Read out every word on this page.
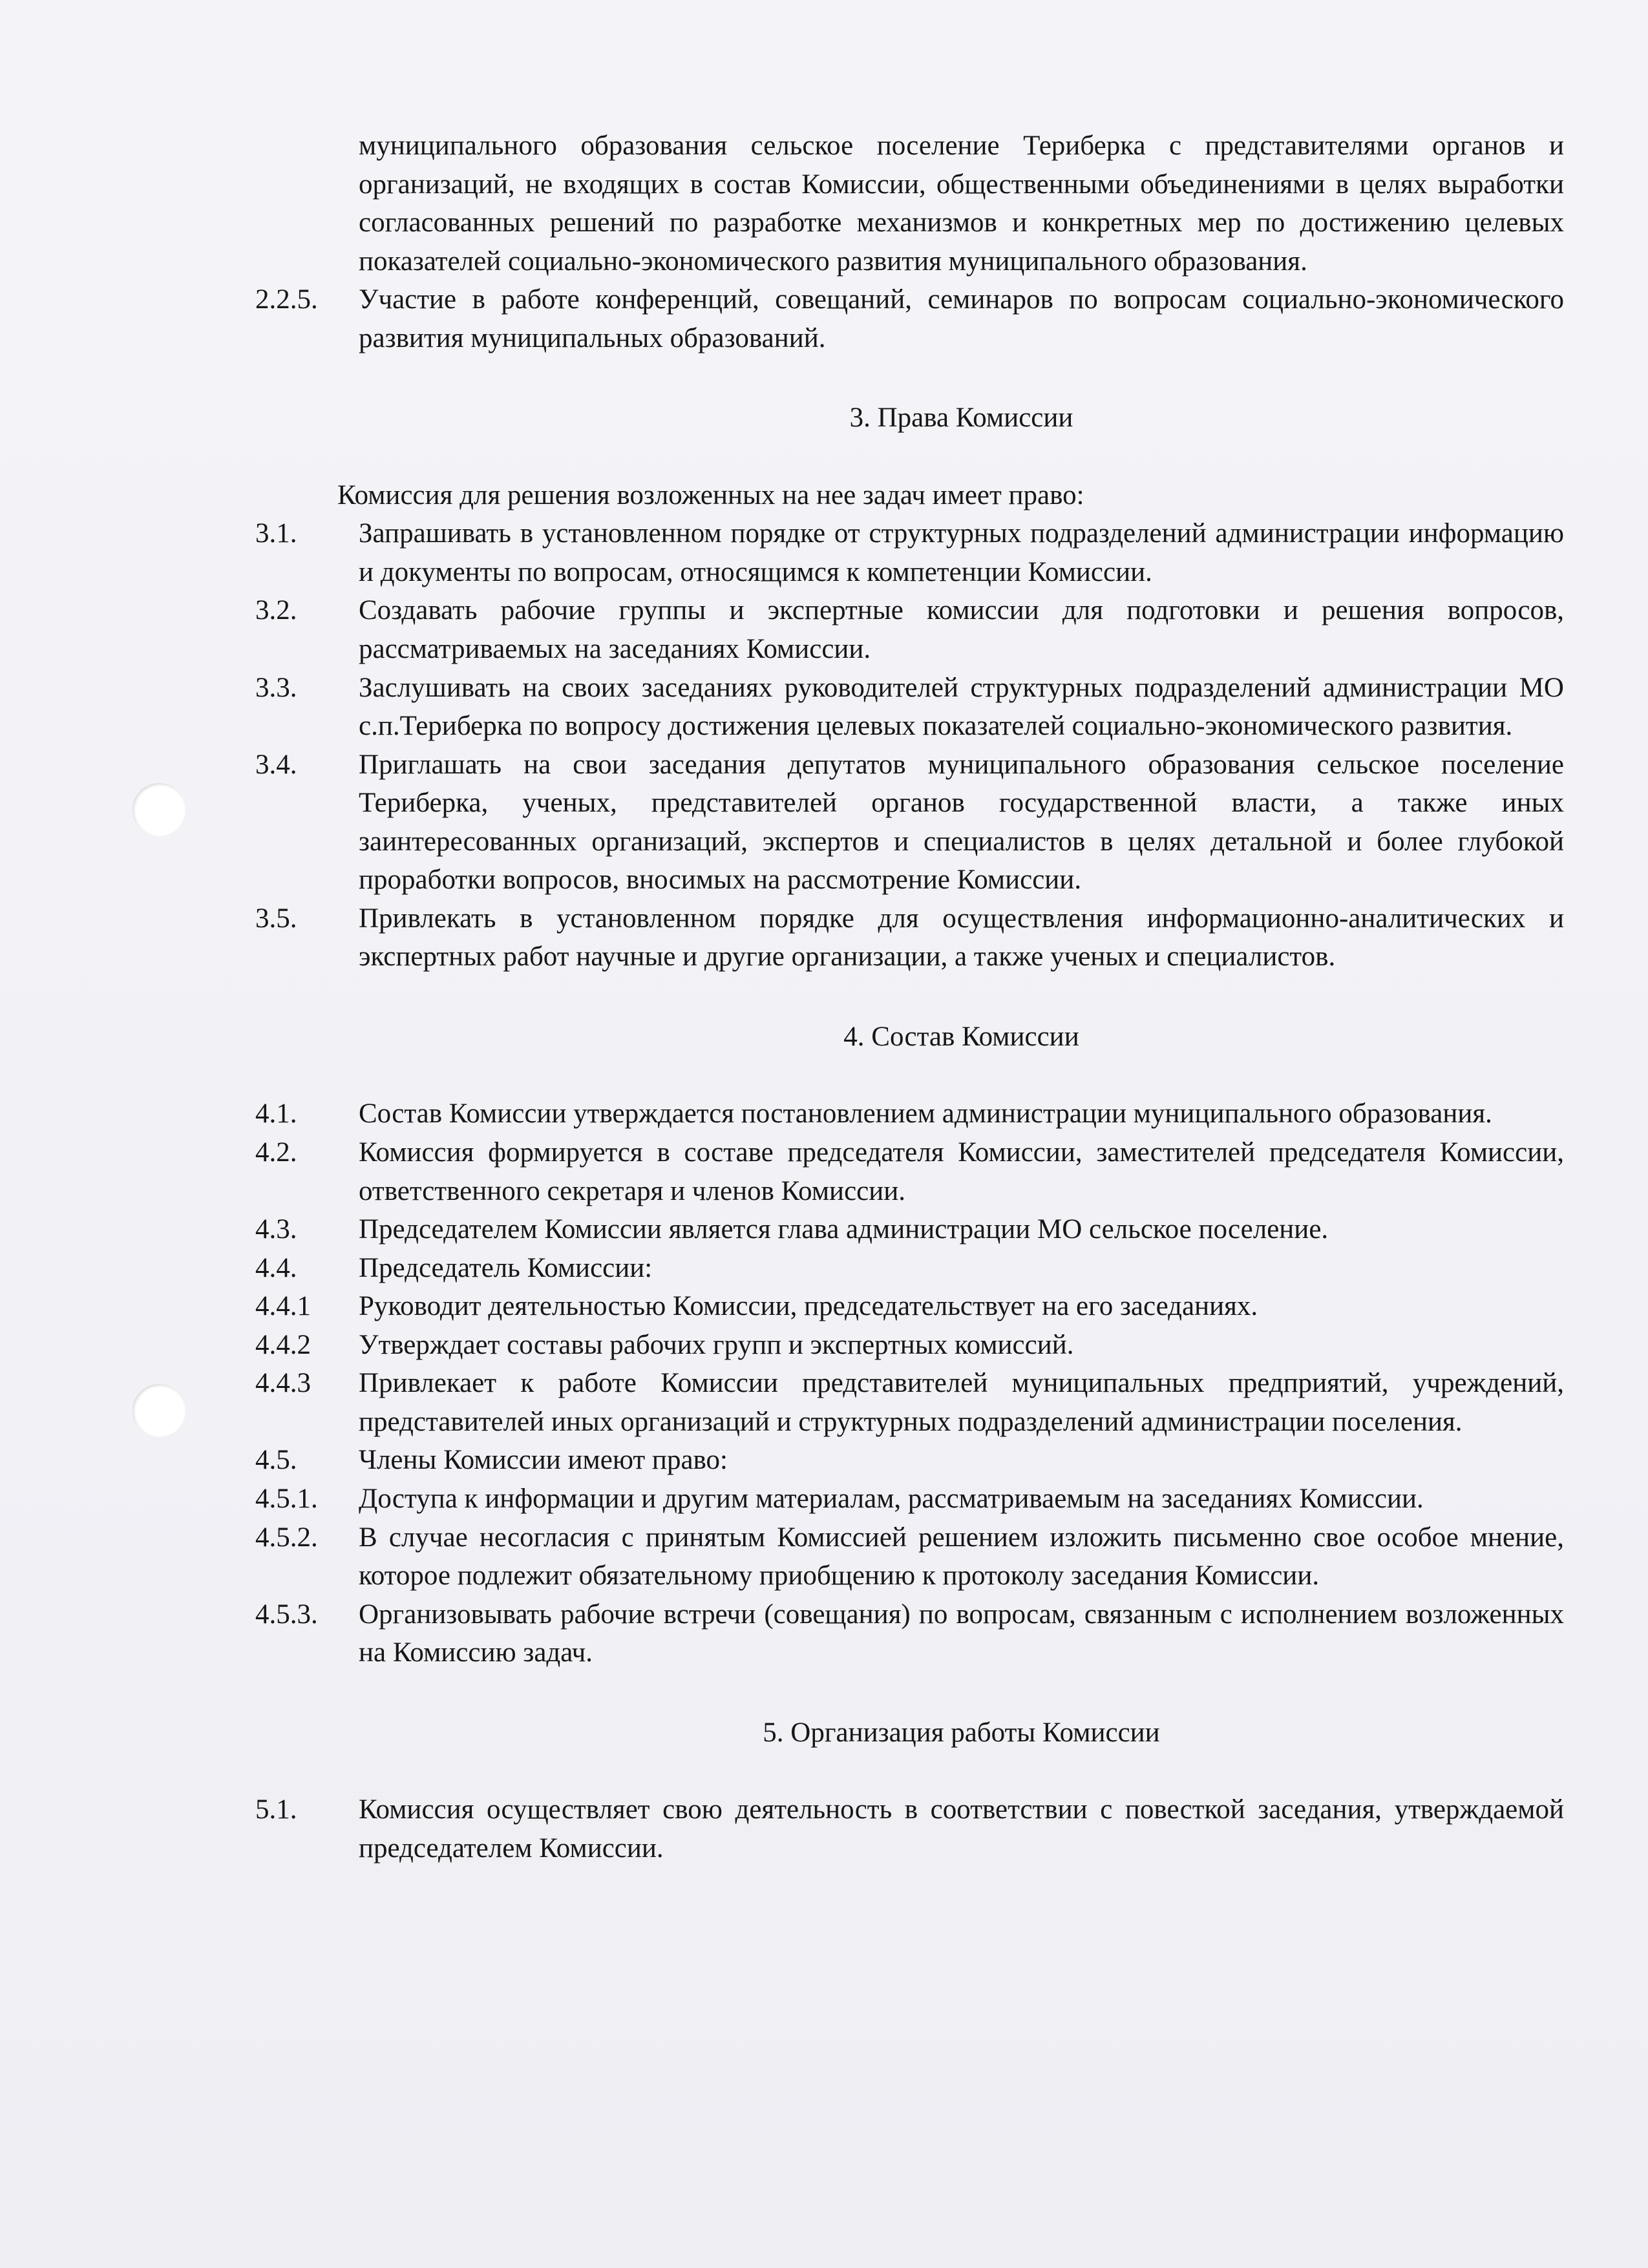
муниципального образования сельское поселение Териберка с представителями органов и организаций, не входящих в состав Комиссии, общественными объединениями в целях выработки согласованных решений по разработке механизмов и конкретных мер по достижению целевых показателей социально-экономического развития муниципального образования.
2.2.5.	Участие в работе конференций, совещаний, семинаров по вопросам социально-экономического развития муниципальных образований.
3. Права Комиссии
Комиссия для решения возложенных на нее задач имеет право:
3.1.	Запрашивать в установленном порядке от структурных подразделений администрации информацию и документы по вопросам, относящимся к компетенции Комиссии.
3.2.	Создавать рабочие группы и экспертные комиссии для подготовки и решения вопросов, рассматриваемых на заседаниях Комиссии.
3.3.	Заслушивать на своих заседаниях руководителей структурных подразделений администрации МО с.п.Териберка по вопросу достижения целевых показателей социально-экономического развития.
3.4.	Приглашать на свои заседания депутатов муниципального образования сельское поселение Териберка, ученых, представителей органов государственной власти, а также иных заинтересованных организаций, экспертов и специалистов в целях детальной и более глубокой проработки вопросов, вносимых на рассмотрение Комиссии.
3.5.	Привлекать в установленном порядке для осуществления информационно-аналитических и экспертных работ научные и другие организации, а также ученых и специалистов.
4. Состав Комиссии
4.1.	Состав Комиссии утверждается постановлением администрации муниципального образования.
4.2.	Комиссия формируется в составе председателя Комиссии, заместителей председателя Комиссии, ответственного секретаря и членов Комиссии.
4.3.	Председателем Комиссии является глава администрации МО сельское поселение.
4.4.	Председатель Комиссии:
4.4.1	Руководит деятельностью Комиссии, председательствует на его заседаниях.
4.4.2	Утверждает составы рабочих групп и экспертных комиссий.
4.4.3	Привлекает к работе Комиссии представителей муниципальных предприятий, учреждений, представителей иных организаций и структурных подразделений администрации поселения.
4.5.	Члены Комиссии имеют право:
4.5.1.	Доступа к информации и другим материалам, рассматриваемым на заседаниях Комиссии.
4.5.2.	В случае несогласия с принятым Комиссией решением изложить письменно свое особое мнение, которое подлежит обязательному приобщению к протоколу заседания Комиссии.
4.5.3.	Организовывать рабочие встречи (совещания) по вопросам, связанным с исполнением возложенных на Комиссию задач.
5. Организация работы Комиссии
5.1.	Комиссия осуществляет свою деятельность в соответствии с повесткой заседания, утверждаемой председателем Комиссии.
